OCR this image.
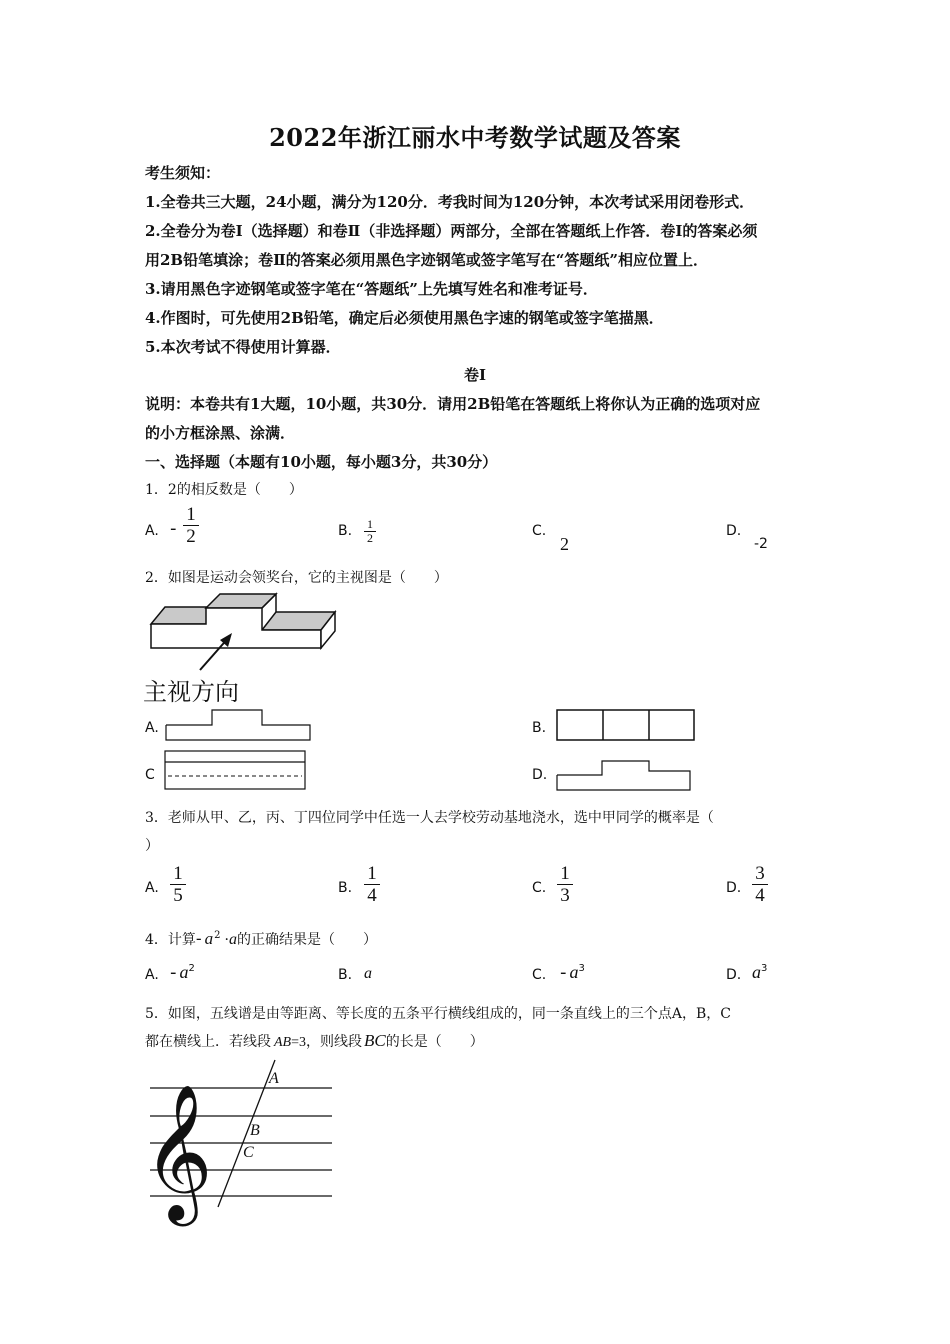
2022年浙江丽水中考数学试题及答案
考生须知：
1.全卷共三大题，24小题，满分为120分．考我时间为120分钟，本次考试采用闭卷形式．
2.全卷分为卷Ⅰ（选择题）和卷Ⅱ（非选择题）两部分，全部在答题纸上作答．卷Ⅰ的答案必须
用2B铅笔填涂；卷Ⅱ的答案必须用黑色字迹钢笔或签字笔写在“答题纸”相应位置上．
3.请用黑色字迹钢笔或签字笔在“答题纸”上先填写姓名和准考证号．
4.作图时，可先使用2B铅笔，确定后必须使用黑色字速的钢笔或签字笔描黑．
5.本次考试不得使用计算器．
卷Ⅰ
说明：本卷共有1大题，10小题，共30分．请用2B铅笔在答题纸上将你认为正确的选项对应
的小方框涂黑、涂满．
一、选择题（本题有10小题，每小题3分，共30分）
1．2的相反数是（　　）
A. -
1
2	B. 1
2	C.
2
D.
-2
2．如图是运动会领奖台，它的主视图是（　　）
主视方向
A.	B.
C	D.
3．老师从甲、乙，丙、丁四位同学中任选一人去学校劳动基地浇水，选中甲同学的概率是（
）
A.
1
5	B.
1
4	C.
1
3	D.
3
4
4．计算- $a^2 \cdot a$的正确结果是（　　）
A. - $a^2$	B. a	C. - $a^3$	D. $a^3$
5．如图，五线谱是由等距离、等长度的五条平行横线组成的，同一条直线上的三个点A，B，C
都在横线上．若线段 AB=3，则线段 BC的长是（　　）
𝄞
A
B
C
